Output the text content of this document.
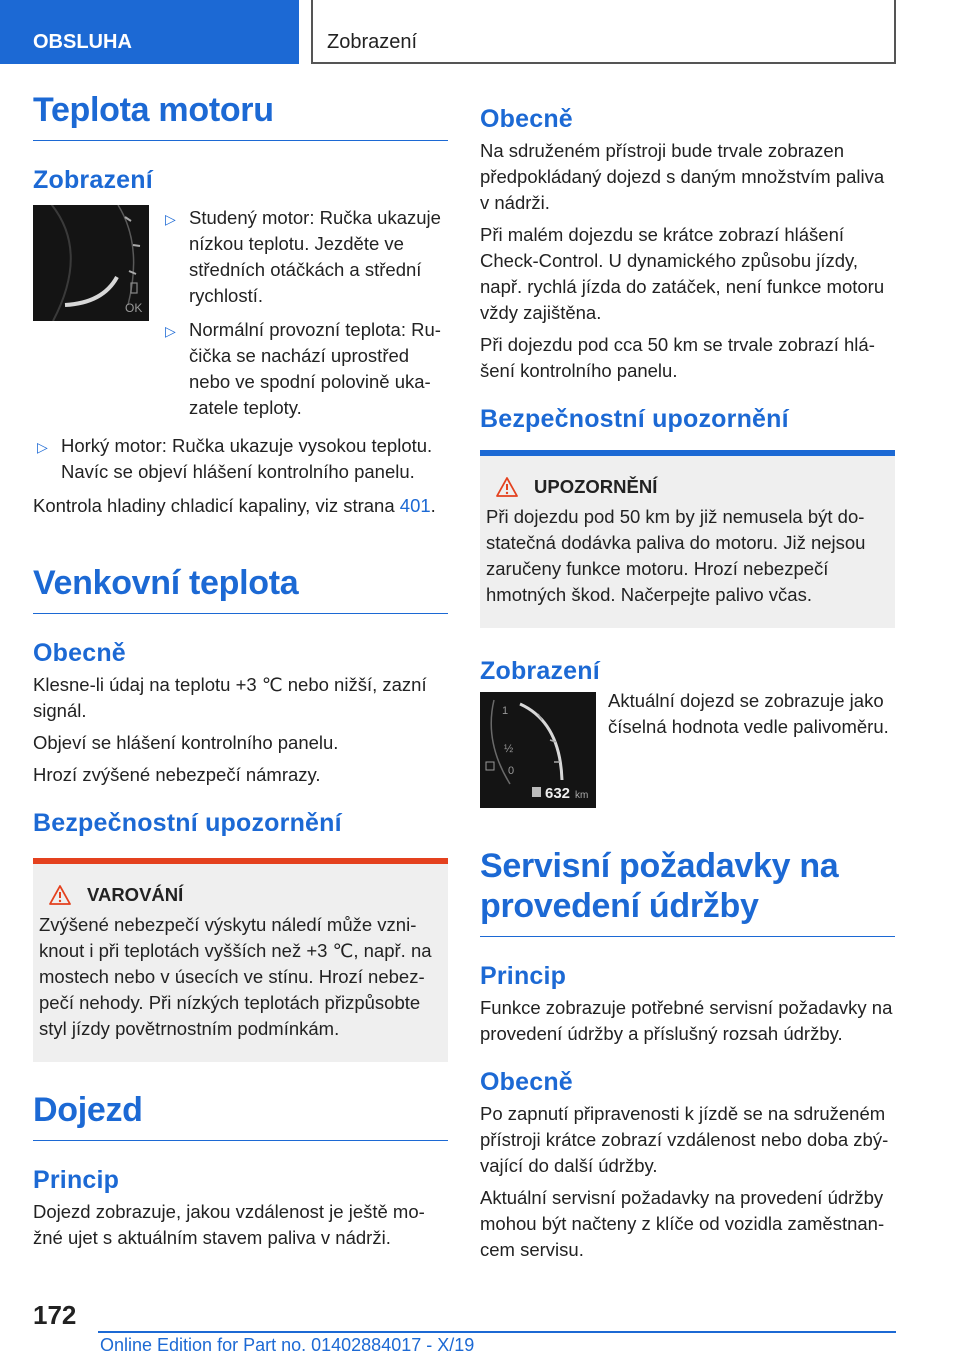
OBSLUHA	Zobrazení
Teplota motoru
Zobrazení
OK
▷ Studený motor: Ručka ukazuje nízkou teplotu. Jezděte ve středních otáčkách a střední rychlostí.
▷ Normální provozní teplota: Ru‐čička se nachází uprostřed nebo ve spodní polovině uka‐zatele teploty.
▷ Horký motor: Ručka ukazuje vysokou teplotu. Navíc se objeví hlášení kontrolního panelu.

Kontrola hladiny chladicí kapaliny, viz strana 401.

Venkovní teplota
Obecně

Klesne-li údaj na teplotu +3 ℃ nebo nižší, zazní signál.

Objeví se hlášení kontrolního panelu.

Hrozí zvýšené nebezpečí námrazy.

Bezpečnostní upozornění
VAROVÁNÍ

Zvýšené nebezpečí výskytu náledí může vzni‐knout i při teplotách vyšších než +3 ℃, např. na mostech nebo v úsecích ve stínu. Hrozí nebez‐pečí nehody. Při nízkých teplotách přizpůsobte styl jízdy povětrnostním podmínkám.

Dojezd
Princip

Dojezd zobrazuje, jakou vzdálenost je ještě mo‐žné ujet s aktuálním stavem paliva v nádrži.

Obecně

Na sdruženém přístroji bude trvale zobrazen předpokládaný dojezd s daným množstvím paliva v nádrži.

Při malém dojezdu se krátce zobrazí hlášení Check-Control. U dynamického způsobu jízdy, např. rychlá jízda do zatáček, není funkce motoru vždy zajištěna.

Při dojezdu pod cca 50 km se trvale zobrazí hlá‐šení kontrolního panelu.

Bezpečnostní upozornění
UPOZORNĚNÍ

Při dojezdu pod 50 km by již nemusela být do‐statečná dodávka paliva do motoru. Již nejsou zaručeny funkce motoru. Hrozí nebezpečí hmotných škod. Načerpejte palivo včas.

Zobrazení
1
½
0
632 km

Aktuální dojezd se zobrazuje jako číselná hodnota vedle palivoměru.

Servisní požadavky na provedení údržby
Princip

Funkce zobrazuje potřebné servisní požadavky na provedení údržby a příslušný rozsah údržby.

Obecně

Po zapnutí připravenosti k jízdě se na sdruženém přístroji krátce zobrazí vzdálenost nebo doba zbý‐vající do další údržby.

Aktuální servisní požadavky na provedení údržby mohou být načteny z klíče od vozidla zaměstnan‐cem servisu.

172
Online Edition for Part no. 01402884017 - X/19
